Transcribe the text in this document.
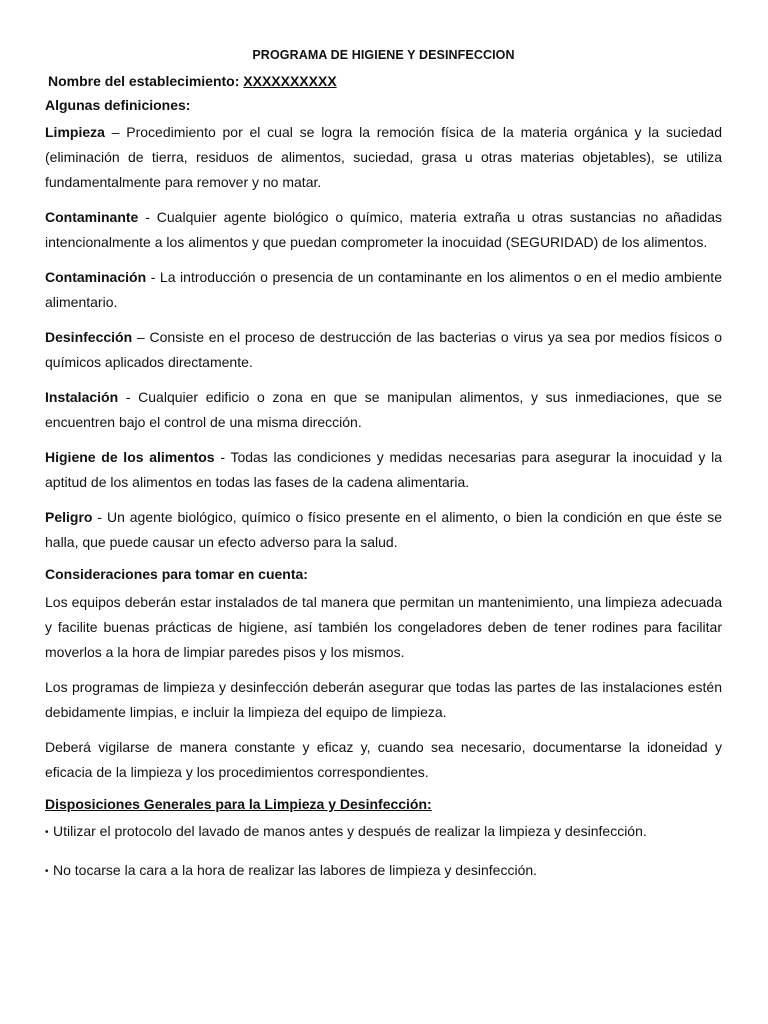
PROGRAMA DE HIGIENE Y DESINFECCION
Nombre del establecimiento: XXXXXXXXXX
Algunas definiciones:

Limpieza – Procedimiento por el cual se logra la remoción física de la materia orgánica y la suciedad (eliminación de tierra, residuos de alimentos, suciedad, grasa u otras materias objetables), se utiliza fundamentalmente para remover y no matar.

Contaminante - Cualquier agente biológico o químico, materia extraña u otras sustancias no añadidas intencionalmente a los alimentos y que puedan comprometer la inocuidad (SEGURIDAD) de los alimentos.

Contaminación - La introducción o presencia de un contaminante en los alimentos o en el medio ambiente alimentario.

Desinfección – Consiste en el proceso de destrucción de las bacterias o virus ya sea por medios físicos o químicos aplicados directamente.

Instalación - Cualquier edificio o zona en que se manipulan alimentos, y sus inmediaciones, que se encuentren bajo el control de una misma dirección.

Higiene de los alimentos - Todas las condiciones y medidas necesarias para asegurar la inocuidad y la aptitud de los alimentos en todas las fases de la cadena alimentaria.

Peligro - Un agente biológico, químico o físico presente en el alimento, o bien la condición en que éste se halla, que puede causar un efecto adverso para la salud.

Consideraciones para tomar en cuenta:

Los equipos deberán estar instalados de tal manera que permitan un mantenimiento, una limpieza adecuada y facilite buenas prácticas de higiene, así también los congeladores deben de tener rodines para facilitar moverlos a la hora de limpiar paredes pisos y los mismos.

Los programas de limpieza y desinfección deberán asegurar que todas las partes de las instalaciones estén debidamente limpias, e incluir la limpieza del equipo de limpieza.

Deberá vigilarse de manera constante y eficaz y, cuando sea necesario, documentarse la idoneidad y eficacia de la limpieza y los procedimientos correspondientes.

Disposiciones Generales para la Limpieza y Desinfección:
• Utilizar el protocolo del lavado de manos antes y después de realizar la limpieza y desinfección.
• No tocarse la cara a la hora de realizar las labores de limpieza y desinfección.
